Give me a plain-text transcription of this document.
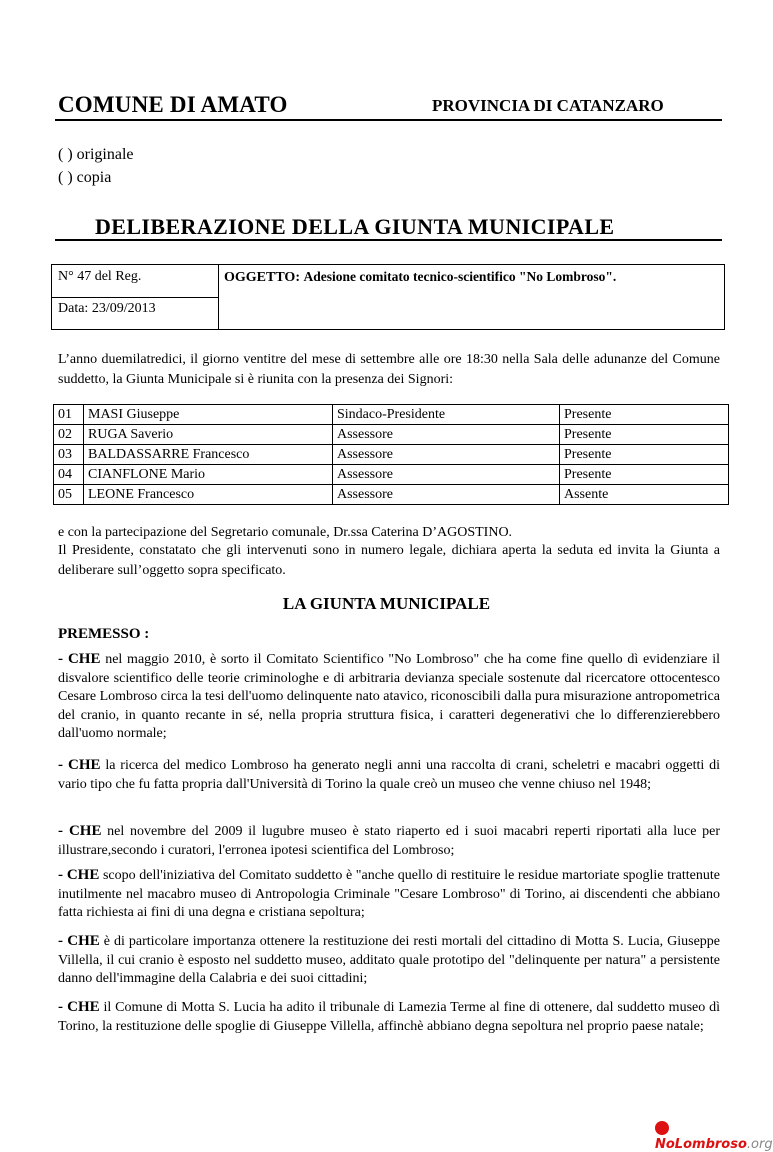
COMUNE DI AMATO	PROVINCIA DI CATANZARO
( ) originale
( ) copia
DELIBERAZIONE DELLA GIUNTA MUNICIPALE
N° 47 del Reg.
Data: 23/09/2013
OGGETTO: Adesione comitato tecnico-scientifico "No Lombroso".
L’anno duemilatredici, il giorno ventitre del mese di settembre alle ore 18:30 nella Sala delle adunanze del Comune suddetto, la Giunta Municipale si è riunita con la presenza dei Signori:
01	MASI Giuseppe	Sindaco-Presidente	Presente
02	RUGA Saverio	Assessore	Presente
03	BALDASSARRE Francesco	Assessore	Presente
04	CIANFLONE Mario	Assessore	Presente
05	LEONE Francesco	Assessore	Assente
e con la partecipazione del Segretario comunale, Dr.ssa Caterina D’AGOSTINO.
Il Presidente, constatato che gli intervenuti sono in numero legale, dichiara aperta la seduta ed invita la Giunta a deliberare sull’oggetto sopra specificato.
LA GIUNTA MUNICIPALE
PREMESSO :
- CHE nel maggio 2010, è sorto il Comitato Scientifico "No Lombroso" che ha come fine quello dì evidenziare il disvalore scientifico delle teorie criminologhe e di arbitraria devianza speciale sostenute dal ricercatore ottocentesco Cesare Lombroso circa la tesi dell'uomo delinquente nato atavico, riconoscibili dalla pura misurazione antropometrica del cranio, in quanto recante in sé, nella propria struttura fisica, i caratteri degenerativi che lo differenzierebbero dall'uomo normale;
- CHE la ricerca del medico Lombroso ha generato negli anni una raccolta di crani, scheletri e macabri oggetti di vario tipo che fu fatta propria dall'Università di Torino la quale creò un museo che venne chiuso nel 1948;
- CHE nel novembre del 2009 il lugubre museo è stato riaperto ed i suoi macabri reperti riportati alla luce per illustrare,secondo i curatori, l'erronea ipotesi scientifica del Lombroso;
- CHE scopo dell'iniziativa del Comitato suddetto è "anche quello di restituire le residue martoriate spoglie trattenute inutilmente nel macabro museo di Antropologia Criminale "Cesare Lombroso" di Torino, ai discendenti che abbiano fatta richiesta ai fini di una degna e cristiana sepoltura;
- CHE è di particolare importanza ottenere la restituzione dei resti mortali del cittadino di Motta S. Lucia, Giuseppe Villella, il cui cranio è esposto nel suddetto museo, additato quale prototipo del "delinquente per natura" a persistente danno dell'immagine della Calabria e dei suoi cittadini;
- CHE il Comune di Motta S. Lucia ha adito il tribunale di Lamezia Terme al fine di ottenere, dal suddetto museo dì Torino, la restituzione delle spoglie di Giuseppe Villella, affinchè abbiano degna sepoltura nel proprio paese natale;
NoLombroso.org
